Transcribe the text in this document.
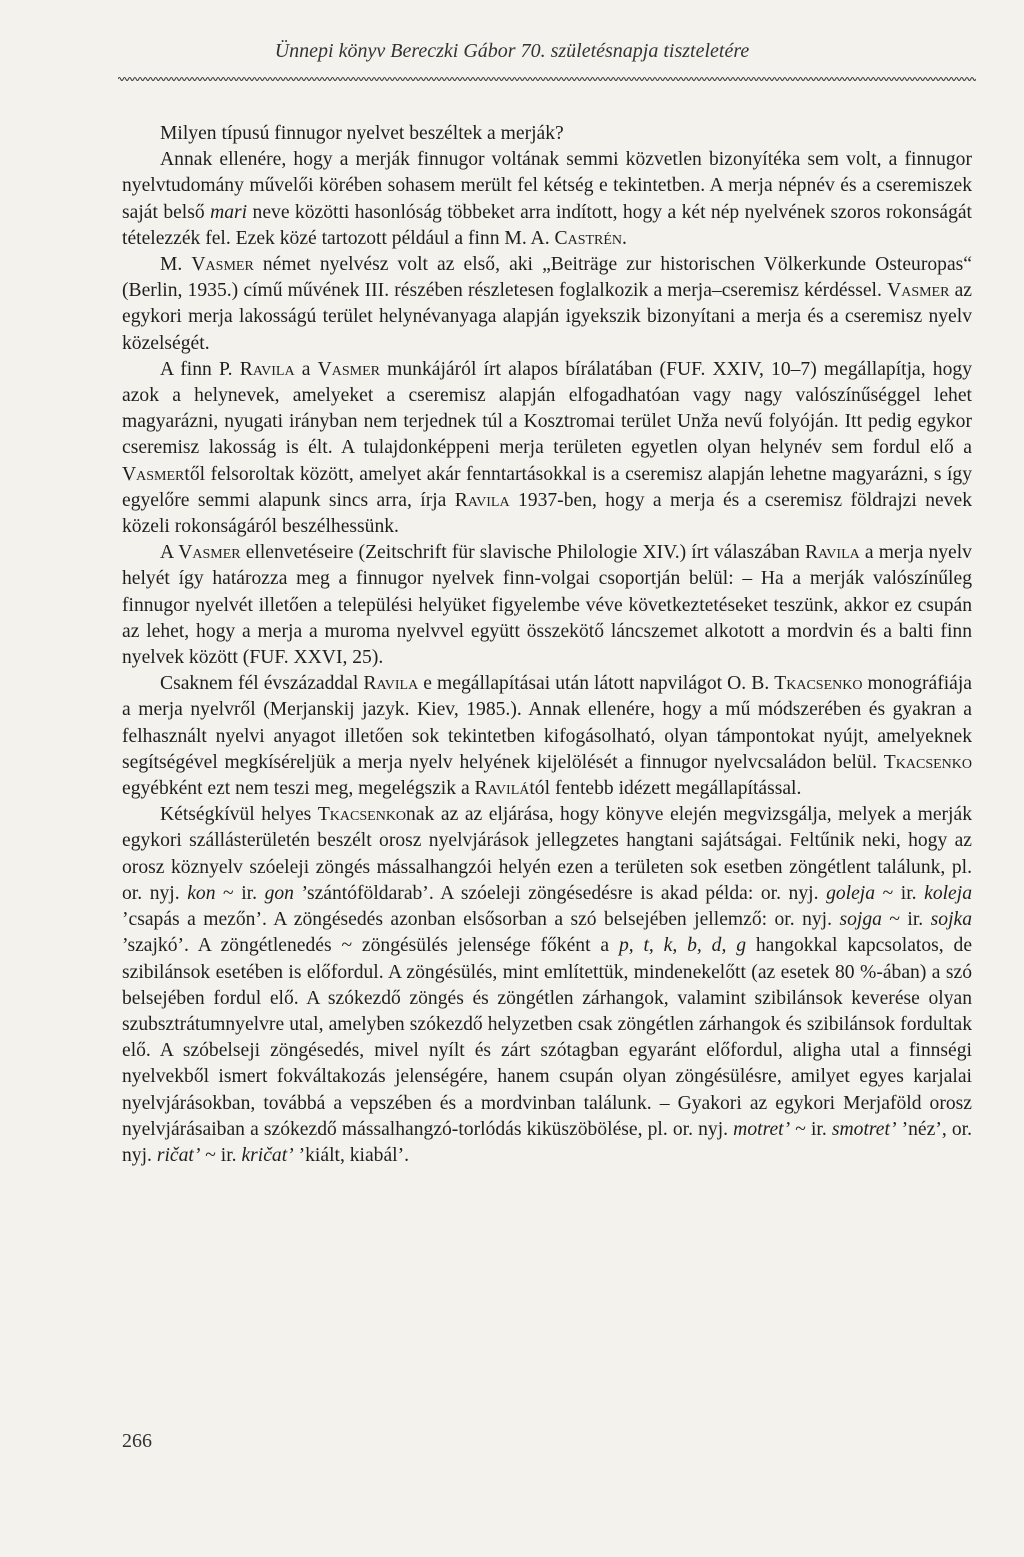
Ünnepi könyv Bereczki Gábor 70. születésnapja tiszteletére

Milyen típusú finnugor nyelvet beszéltek a merják?

Annak ellenére, hogy a merják finnugor voltának semmi közvetlen bizonyítéka sem volt, a finnugor nyelvtudomány művelői körében sohasem merült fel kétség e tekintetben. A merja népnév és a cseremiszek saját belső mari neve közötti hasonlóság többeket arra indított, hogy a két nép nyelvének szoros rokonságát tételezzék fel. Ezek közé tartozott például a finn M. A. Castrén.

M. Vasmer német nyelvész volt az első, aki „Beiträge zur historischen Völkerkunde Osteuropas“ (Berlin, 1935.) című művének III. részében részletesen foglalkozik a merja–cseremisz kérdéssel. Vasmer az egykori merja lakosságú terület helynévanyaga alapján igyekszik bizonyítani a merja és a cseremisz nyelv közelségét.

A finn P. Ravila a Vasmer munkájáról írt alapos bírálatában (FUF. XXIV, 10–7) megállapítja, hogy azok a helynevek, amelyeket a cseremisz alapján elfogadhatóan vagy nagy valószínűséggel lehet magyarázni, nyugati irányban nem terjednek túl a Kosztromai terület Unža nevű folyóján. Itt pedig egykor cseremisz lakosság is élt. A tulajdonképpeni merja területen egyetlen olyan helynév sem fordul elő a Vasmertől felsoroltak között, amelyet akár fenntartásokkal is a cseremisz alapján lehetne magyarázni, s így egyelőre semmi alapunk sincs arra, írja Ravila 1937-ben, hogy a merja és a cseremisz földrajzi nevek közeli rokonságáról beszélhessünk.

A Vasmer ellenvetéseire (Zeitschrift für slavische Philologie XIV.) írt válaszában Ravila a merja nyelv helyét így határozza meg a finnugor nyelvek finn-volgai csoportján belül: – Ha a merják valószínűleg finnugor nyelvét illetően a települési helyüket figyelembe véve következtetéseket teszünk, akkor ez csupán az lehet, hogy a merja a muroma nyelvvel együtt összekötő láncszemet alkotott a mordvin és a balti finn nyelvek között (FUF. XXVI, 25).

Csaknem fél évszázaddal Ravila e megállapításai után látott napvilágot O. B. Tkacsenko monográfiája a merja nyelvről (Merjanskij jazyk. Kiev, 1985.). Annak ellenére, hogy a mű módszerében és gyakran a felhasznált nyelvi anyagot illetően sok tekintetben kifogásolható, olyan támpontokat nyújt, amelyeknek segítségével megkíséreljük a merja nyelv helyének kijelölését a finnugor nyelvcsaládon belül. Tkacsenko egyébként ezt nem teszi meg, megelégszik a Ravilától fentebb idézett megállapítással.

Kétségkívül helyes Tkacsenkonak az az eljárása, hogy könyve elején megvizsgálja, melyek a merják egykori szállásterületén beszélt orosz nyelvjárások jellegzetes hangtani sajátságai. Feltűnik neki, hogy az orosz köznyelv szóeleji zöngés mássalhangzói helyén ezen a területen sok esetben zöngétlent találunk, pl. or. nyj. kon ~ ir. gon ’szántóföldarab’. A szóeleji zöngésedésre is akad példa: or. nyj. goleja ~ ir. koleja ’csapás a mezőn’. A zöngésedés azonban elsősorban a szó belsejében jellemző: or. nyj. sojga ~ ir. sojka ’szajkó’. A zöngétlenedés ~ zöngésülés jelensége főként a p, t, k, b, d, g hangokkal kapcsolatos, de szibilánsok esetében is előfordul. A zöngésülés, mint említettük, mindenekelőtt (az esetek 80 %-ában) a szó belsejében fordul elő. A szókezdő zöngés és zöngétlen zárhangok, valamint szibilánsok keverése olyan szubsztrátumnyelvre utal, amelyben szókezdő helyzetben csak zöngétlen zárhangok és szibilánsok fordultak elő. A szóbelseji zöngésedés, mivel nyílt és zárt szótagban egyaránt előfordul, aligha utal a finnségi nyelvekből ismert fokváltakozás jelenségére, hanem csupán olyan zöngésülésre, amilyet egyes karjalai nyelvjárásokban, továbbá a vepszében és a mordvinban találunk. – Gyakori az egykori Merjaföld orosz nyelvjárásaiban a szókezdő mássalhangzó-torlódás kiküszöbölése, pl. or. nyj. motret’ ~ ir. smotret’ ’néz’, or. nyj. ričat’ ~ ir. kričat’ ’kiált, kiabál’.

266
